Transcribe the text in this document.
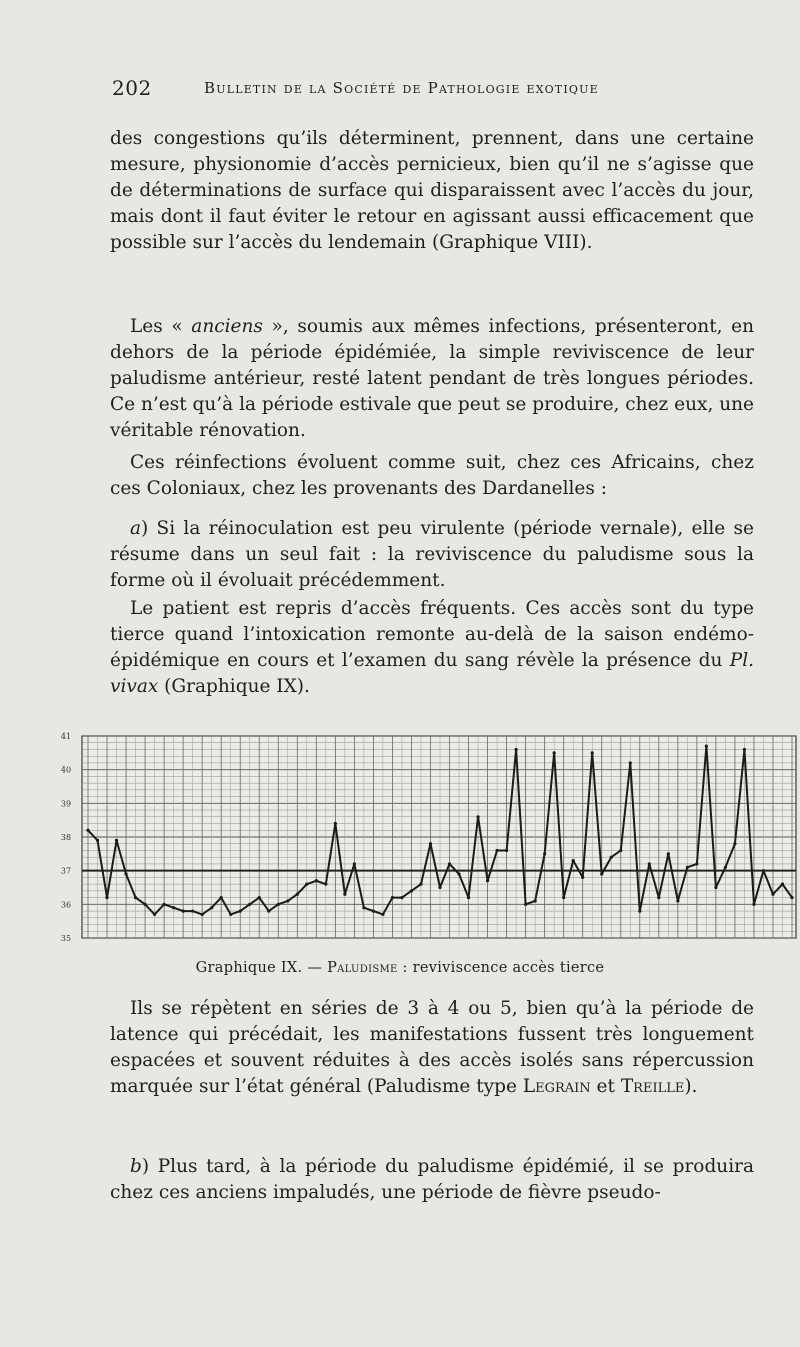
202	Bulletin de la Société de Pathologie exotique

des congestions qu’ils déterminent, prennent, dans une certaine mesure, physionomie d’accès pernicieux, bien qu’il ne s’agisse que de déterminations de surface qui disparaissent avec l’accès du jour, mais dont il faut éviter le retour en agissant aussi efficacement que possible sur l’accès du lendemain (Graphique VIII).

Les « anciens », soumis aux mêmes infections, présenteront, en dehors de la période épidémiée, la simple reviviscence de leur paludisme antérieur, resté latent pendant de très longues périodes. Ce n’est qu’à la période estivale que peut se produire, chez eux, une véritable rénovation.

Ces réinfections évoluent comme suit, chez ces Africains, chez ces Coloniaux, chez les provenants des Dardanelles :

a) Si la réinoculation est peu virulente (période vernale), elle se résume dans un seul fait : la reviviscence du paludisme sous la forme où il évoluait précédemment.

Le patient est repris d’accès fréquents. Ces accès sont du type tierce quand l’intoxication remonte au-delà de la saison endémo-épidémique en cours et l’examen du sang révèle la présence du Pl. vivax (Graphique IX).

41
40
39
38
37
36
35
Graphique IX. — Paludisme : reviviscence accès tierce

Ils se répètent en séries de 3 à 4 ou 5, bien qu’à la période de latence qui précédait, les manifestations fussent très longuement espacées et souvent réduites à des accès isolés sans répercussion marquée sur l’état général (Paludisme type Legrain et Treille).

b) Plus tard, à la période du paludisme épidémié, il se produira chez ces anciens impaludés, une période de fièvre pseudo-
